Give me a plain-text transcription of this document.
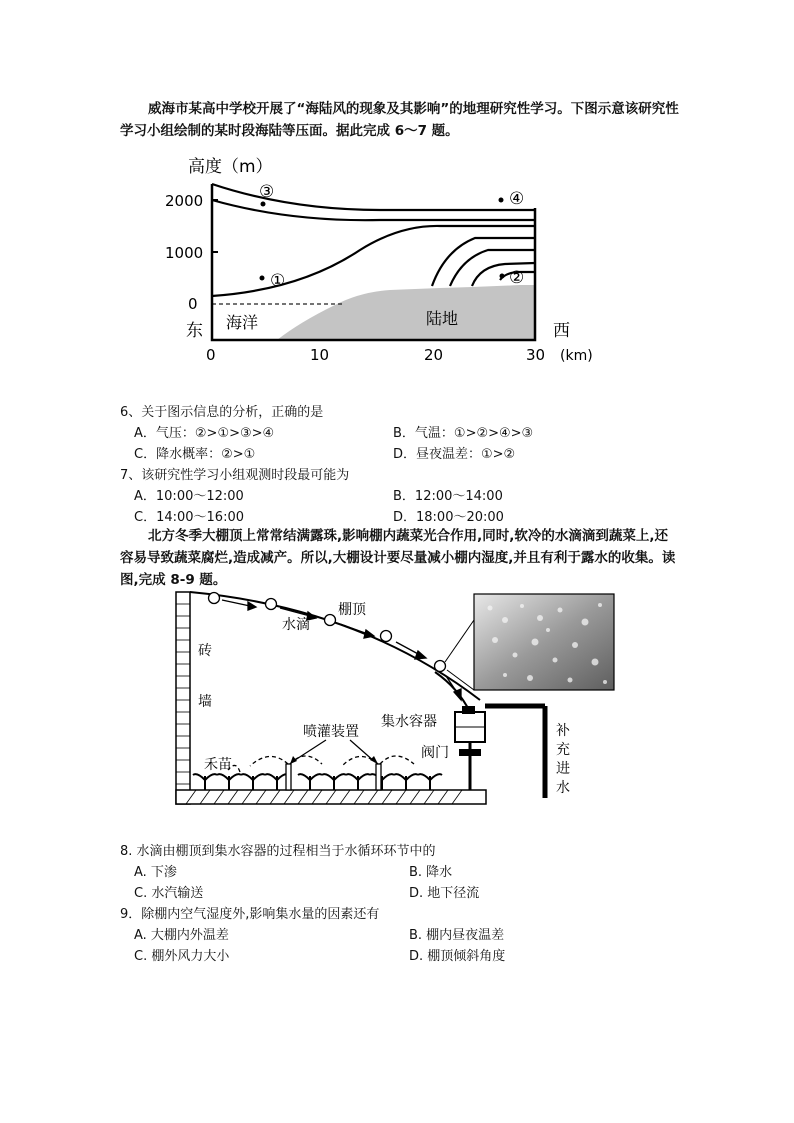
威海市某高中学校开展了“海陆风的现象及其影响”的地理研究性学习。下图示意该研究性学习小组绘制的某时段海陆等压面。据此完成 6～7 题。

高度（m）
2000
1000
0
③
①
④
②
海洋	陆地
东	西
0	10	20	30 (km)
6、关于图示信息的分析，正确的是
A．气压：②>①>③>④	B．气温：①>②>④>③
C．降水概率：②>①	D．昼夜温差：①>②
7、该研究性学习小组观测时段最可能为
A．10:00～12:00	B．12:00～14:00
C．14:00～16:00	D．18:00～20:00

北方冬季大棚顶上常常结满露珠,影响棚内蔬菜光合作用,同时,软冷的水滴滴到蔬菜上,还容易导致蔬菜腐烂,造成减产。所以,大棚设计要尽量减小棚内湿度,并且有利于露水的收集。读图,完成 8-9 题。

棚顶
水滴
砖
墙
喷灌装置
集水容器
阀门
禾苗
补
充
进
水
8. 水滴由棚顶到集水容器的过程相当于水循环环节中的
A. 下渗	B. 降水
C. 水汽输送	D. 地下径流
9．除棚内空气湿度外,影响集水量的因素还有
A. 大棚内外温差	B. 棚内昼夜温差
C. 棚外风力大小	D. 棚顶倾斜角度
